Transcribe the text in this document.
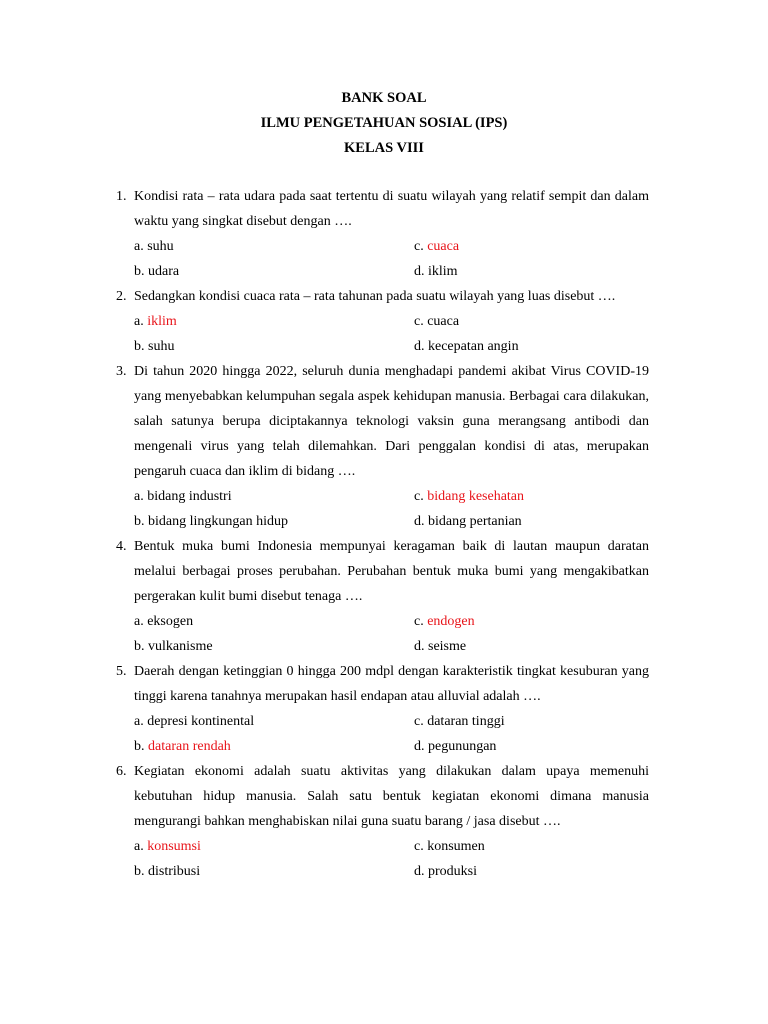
BANK SOAL
ILMU PENGETAHUAN SOSIAL (IPS)
KELAS VIII
1. Kondisi rata – rata udara pada saat tertentu di suatu wilayah yang relatif sempit dan dalam waktu yang singkat disebut dengan ….
a. suhu	c. cuaca
b. udara	d. iklim
2. Sedangkan kondisi cuaca rata – rata tahunan pada suatu wilayah yang luas disebut ….
a. iklim	c. cuaca
b. suhu	d. kecepatan angin
3. Di tahun 2020 hingga 2022, seluruh dunia menghadapi pandemi akibat Virus COVID-19 yang menyebabkan kelumpuhan segala aspek kehidupan manusia. Berbagai cara dilakukan, salah satunya berupa diciptakannya teknologi vaksin guna merangsang antibodi dan mengenali virus yang telah dilemahkan. Dari penggalan kondisi di atas, merupakan pengaruh cuaca dan iklim di bidang ….
a. bidang industri	c. bidang kesehatan
b. bidang lingkungan hidup	d. bidang pertanian
4. Bentuk muka bumi Indonesia mempunyai keragaman baik di lautan maupun daratan melalui berbagai proses perubahan. Perubahan bentuk muka bumi yang mengakibatkan pergerakan kulit bumi disebut tenaga ….
a. eksogen	c. endogen
b. vulkanisme	d. seisme
5. Daerah dengan ketinggian 0 hingga 200 mdpl dengan karakteristik tingkat kesuburan yang tinggi karena tanahnya merupakan hasil endapan atau alluvial adalah ….
a. depresi kontinental	c. dataran tinggi
b. dataran rendah	d. pegunungan
6. Kegiatan ekonomi adalah suatu aktivitas yang dilakukan dalam upaya memenuhi kebutuhan hidup manusia. Salah satu bentuk kegiatan ekonomi dimana manusia mengurangi bahkan menghabiskan nilai guna suatu barang / jasa disebut ….
a. konsumsi	c. konsumen
b. distribusi	d. produksi
